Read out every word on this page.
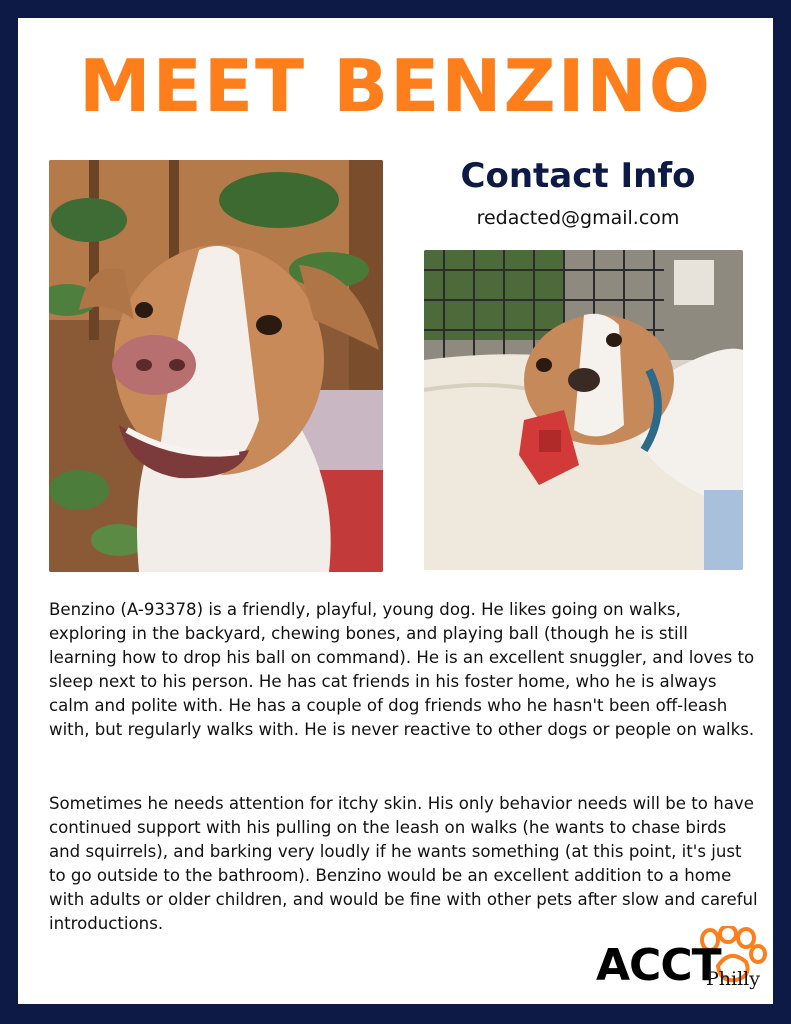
MEET BENZINO
Contact Info
redacted@gmail.com

Benzino (A-93378) is a friendly, playful, young dog. He likes going on walks, exploring in the backyard, chewing bones, and playing ball (though he is still learning how to drop his ball on command). He is an excellent snuggler, and loves to sleep next to his person. He has cat friends in his foster home, who he is always calm and polite with. He has a couple of dog friends who he hasn't been off-leash with, but regularly walks with. He is never reactive to other dogs or people on walks.

Sometimes he needs attention for itchy skin. His only behavior needs will be to have continued support with his pulling on the leash on walks (he wants to chase birds and squirrels), and barking very loudly if he wants something (at this point, it's just to go outside to the bathroom). Benzino would be an excellent addition to a home with adults or older children, and would be fine with other pets after slow and careful introductions.

ACCT
Philly
